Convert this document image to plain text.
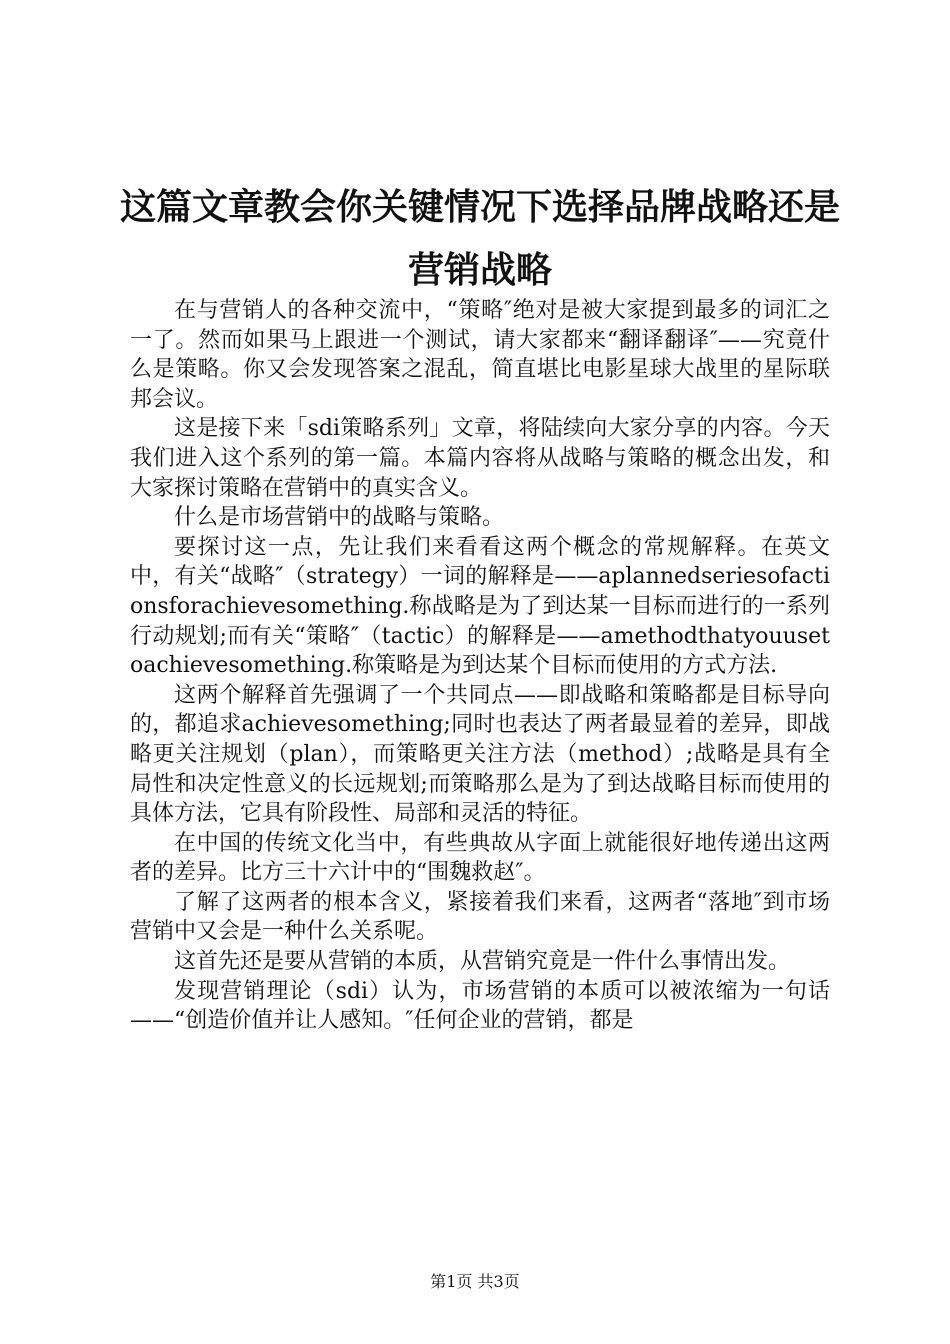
这篇文章教会你关键情况下选择品牌战略还是
营销战略

在与营销人的各种交流中，“策略″绝对是被大家提到最多的词汇之一了。然而如果马上跟进一个测试，请大家都来“翻译翻译″——究竟什么是策略。你又会发现答案之混乱，简直堪比电影星球大战里的星际联邦会议。

这是接下来「sdi策略系列」文章，将陆续向大家分享的内容。今天我们进入这个系列的第一篇。本篇内容将从战略与策略的概念出发，和大家探讨策略在营销中的真实含义。

什么是市场营销中的战略与策略。

要探讨这一点，先让我们来看看这两个概念的常规解释。在英文中，有关“战略″（strategy）一词的解释是——aplannedseriesofactionsforachievesomething.称战略是为了到达某一目标而进行的一系列行动规划;而有关“策略″（tactic）的解释是——amethodthatyouusetoachievesomething.称策略是为到达某个目标而使用的方式方法.

这两个解释首先强调了一个共同点——即战略和策略都是目标导向的，都追求achievesomething;同时也表达了两者最显着的差异，即战略更关注规划（plan），而策略更关注方法（method）;战略是具有全局性和决定性意义的长远规划;而策略那么是为了到达战略目标而使用的具体方法，它具有阶段性、局部和灵活的特征。

在中国的传统文化当中，有些典故从字面上就能很好地传递出这两者的差异。比方三十六计中的“围魏救赵″。

了解了这两者的根本含义，紧接着我们来看，这两者“落地″到市场营销中又会是一种什么关系呢。

这首先还是要从营销的本质，从营销究竟是一件什么事情出发。

发现营销理论（sdi）认为，市场营销的本质可以被浓缩为一句话——“创造价值并让人感知。″任何企业的营销，都是

第1页 共3页
